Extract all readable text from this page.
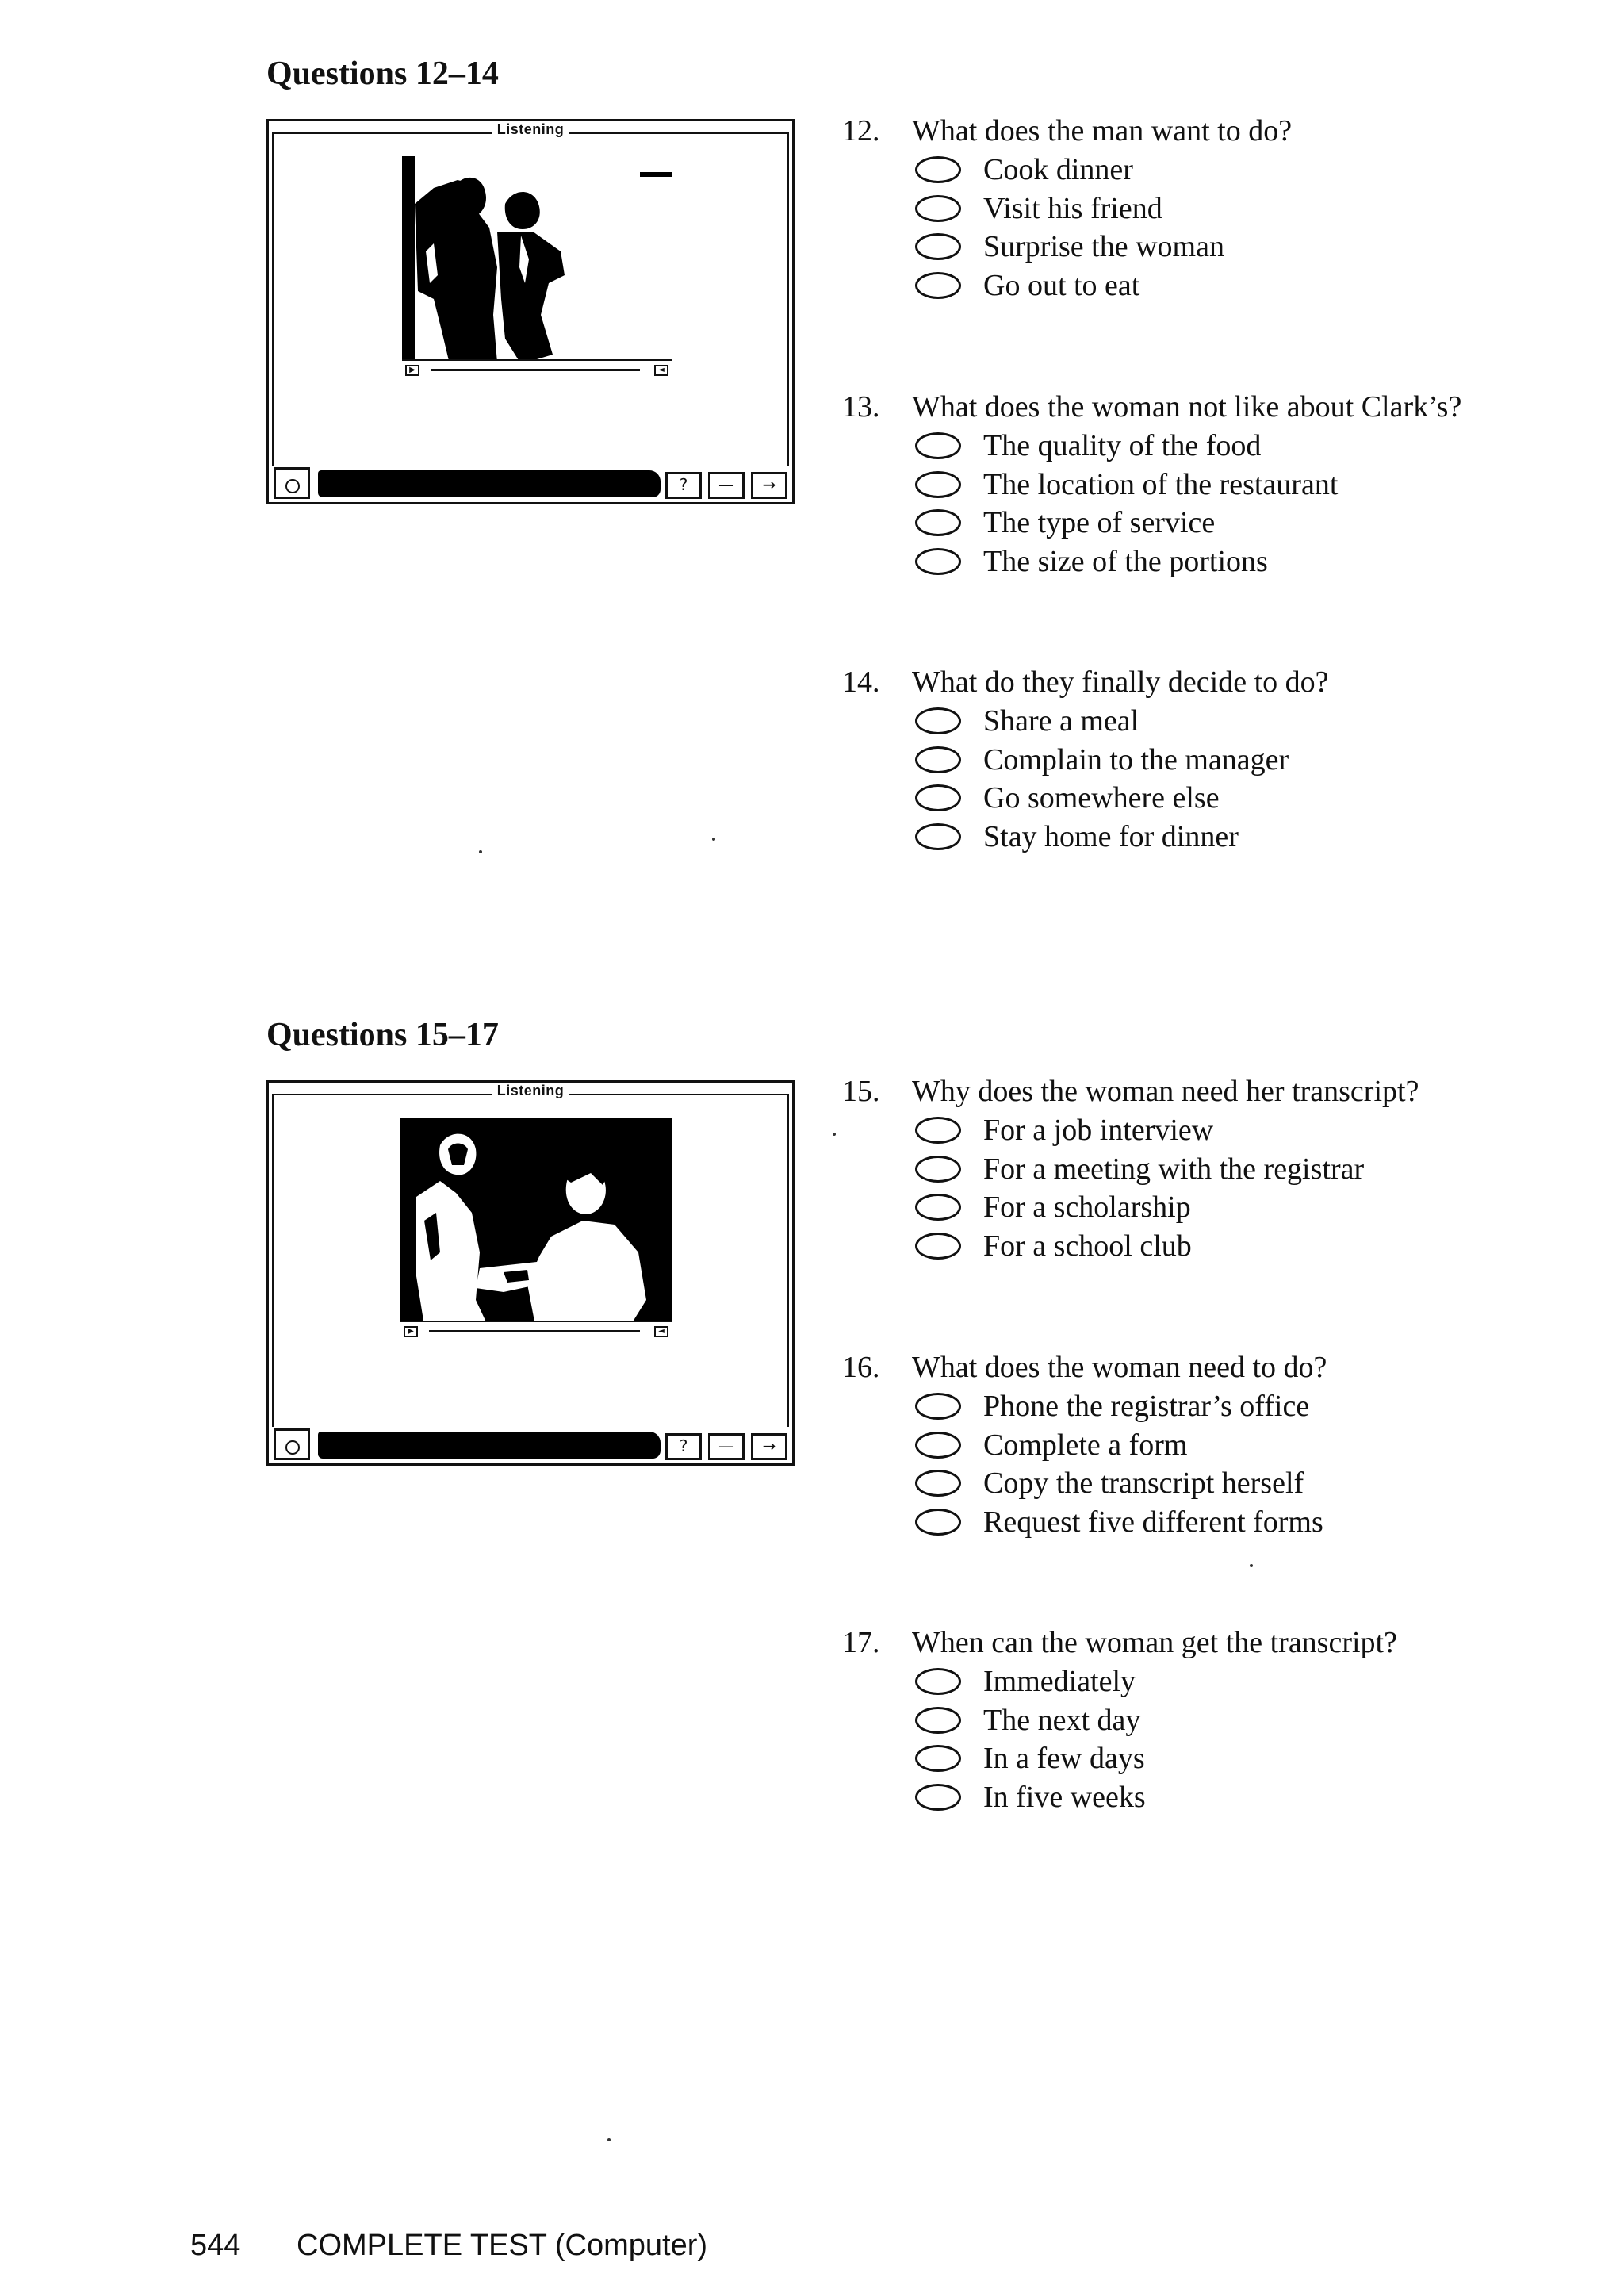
Questions 12–14
Listening
▶	◄
?	—	→
12.	What does the man want to do?
Cook dinner
Visit his friend
Surprise the woman
Go out to eat
13.	What does the woman not like about Clark’s?
The quality of the food
The location of the restaurant
The type of service
The size of the portions
14.	What do they finally decide to do?
Share a meal
Complain to the manager
Go somewhere else
Stay home for dinner
Questions 15–17
Listening
▶	◄
?	—	→
15.	Why does the woman need her transcript?
For a job interview
For a meeting with the registrar
For a scholarship
For a school club
16.	What does the woman need to do?
Phone the registrar’s office
Complete a form
Copy the transcript herself
Request five different forms
17.	When can the woman get the transcript?
Immediately
The next day
In a few days
In five weeks
544	COMPLETE TEST (Computer)
